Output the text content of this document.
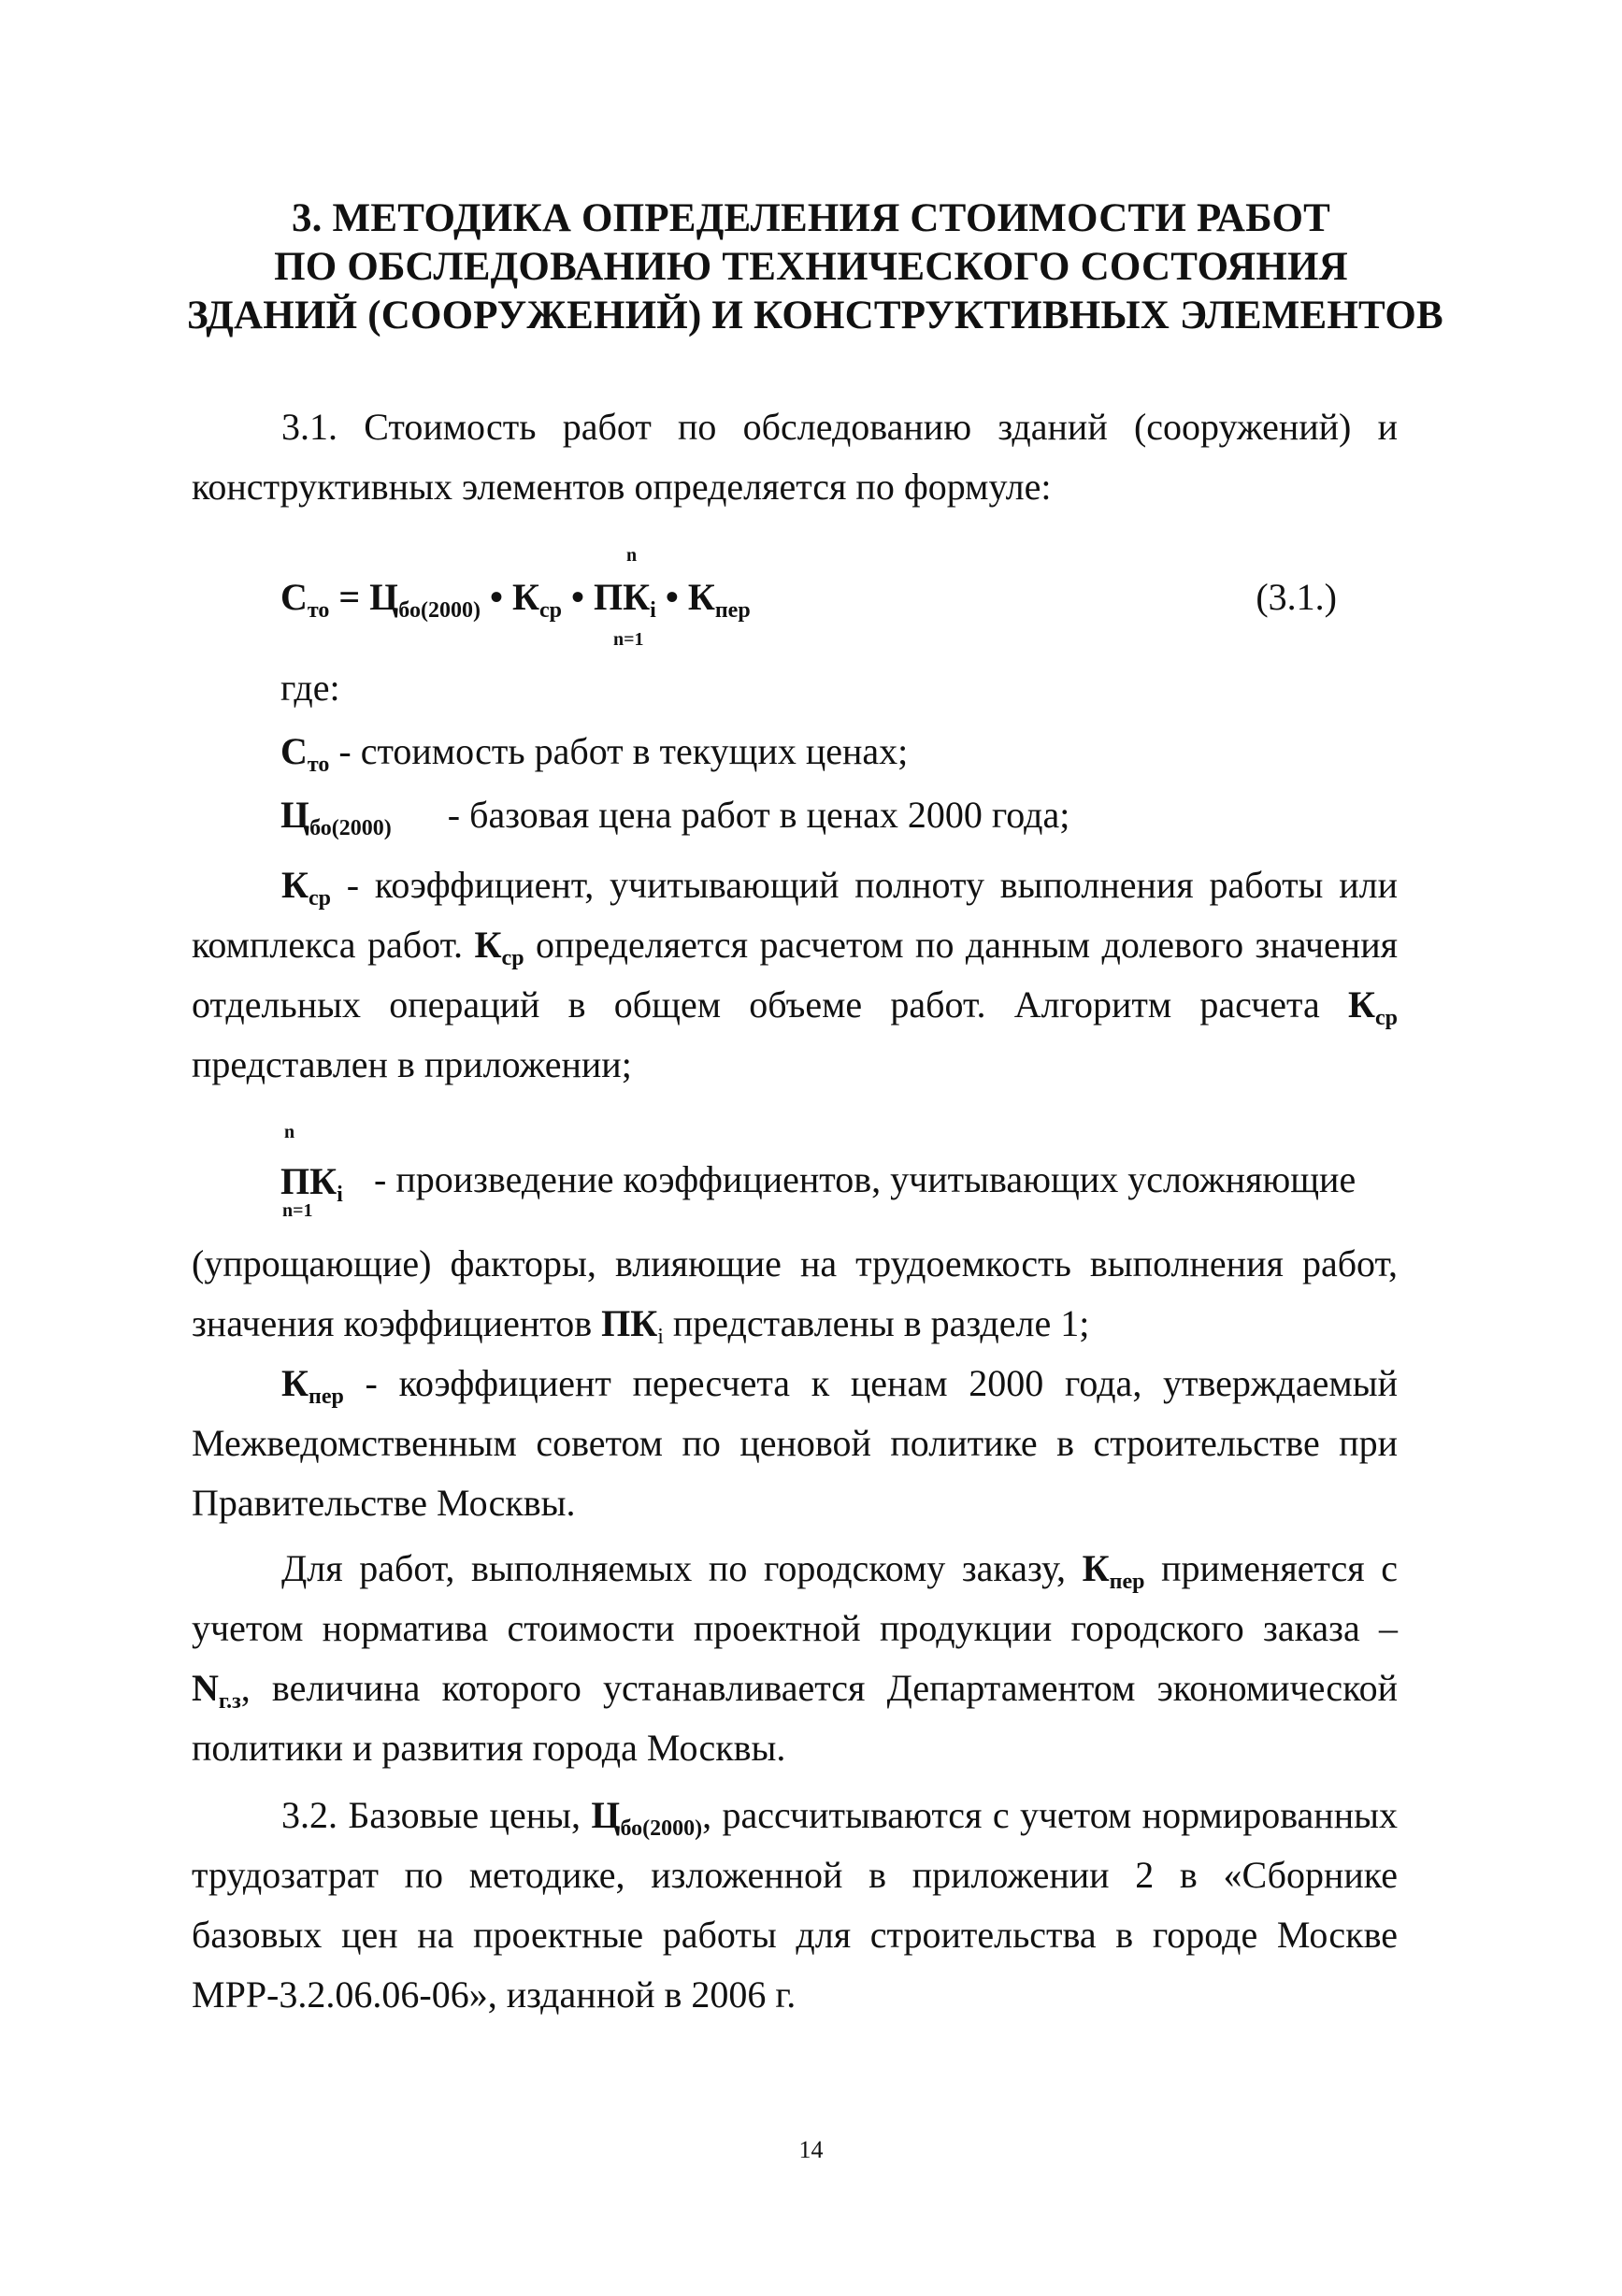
3. МЕТОДИКА ОПРЕДЕЛЕНИЯ СТОИМОСТИ РАБОТ
ПО ОБСЛЕДОВАНИЮ ТЕХНИЧЕСКОГО СОСТОЯНИЯ
ЗДАНИЙ (СООРУЖЕНИЙ) И КОНСТРУКТИВНЫХ ЭЛЕМЕНТОВ
3.1. Стоимость работ по обследованию зданий (сооружений) и конструктивных элементов определяется по формуле:
n
n=1
$С_{то} = Ц_{бо(2000)}$ • $К_{ср}$ • $ПК_i$ • $К_{пер}$	(3.1.)
где:
$С_{то}$ - стоимость работ в текущих ценах;
$Ц_{бо(2000)}$ - базовая цена работ в ценах 2000 года;
$К_{ср}$ - коэффициент, учитывающий полноту выполнения работы или комплекса работ. $К_{ср}$ определяется расчетом по данным долевого значения отдельных операций в общем объеме работ. Алгоритм расчета $К_{ср}$ представлен в приложении;
n
$ПК_i$
n=1
- произведение коэффициентов, учитывающих усложняющие
(упрощающие) факторы, влияющие на трудоемкость выполнения работ, значения коэффициентов $ПК_i$ представлены в разделе 1;
$К_{пер}$ - коэффициент пересчета к ценам 2000 года, утверждаемый Межведомственным советом по ценовой политике в строительстве при Правительстве Москвы.
Для работ, выполняемых по городскому заказу, $К_{пер}$ применяется с учетом норматива стоимости проектной продукции городского заказа – $N_{г.з}$, величина которого устанавливается Департаментом экономической политики и развития города Москвы.
3.2. Базовые цены, $Ц_{бо(2000)}$, рассчитываются с учетом нормированных трудозатрат по методике, изложенной в приложении 2 в «Сборнике базовых цен на проектные работы для строительства в городе Москве МРР-3.2.06.06-06», изданной в 2006 г.
14
